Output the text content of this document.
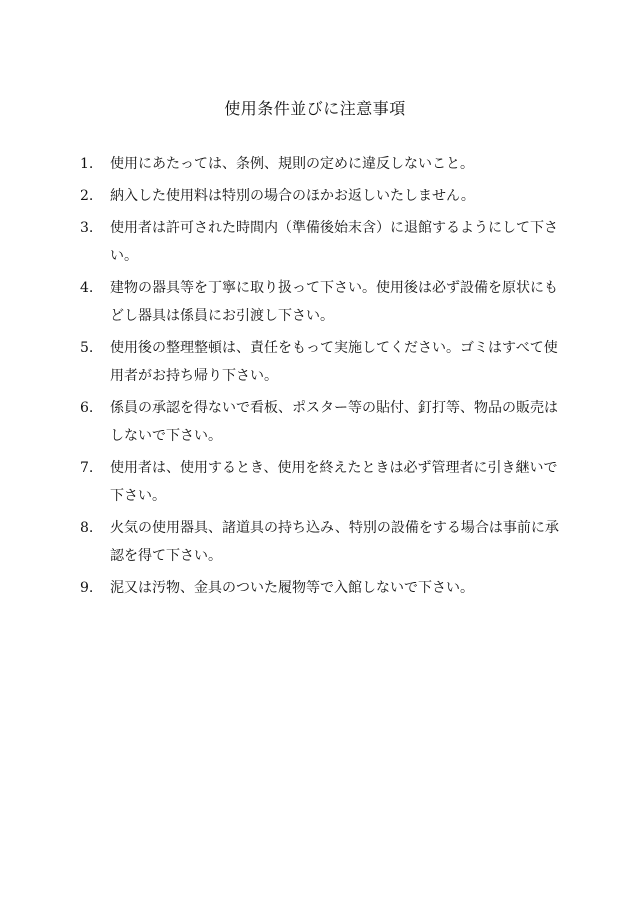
使用条件並びに注意事項
1.	使用にあたっては、条例、規則の定めに違反しないこと。
2.	納入した使用料は特別の場合のほかお返しいたしません。
3.	使用者は許可された時間内（準備後始末含）に退館するようにして下さい。
4.	建物の器具等を丁寧に取り扱って下さい。使用後は必ず設備を原状にもどし器具は係員にお引渡し下さい。
5.	使用後の整理整頓は、責任をもって実施してください。ゴミはすべて使用者がお持ち帰り下さい。
6.	係員の承認を得ないで看板、ポスター等の貼付、釘打等、物品の販売はしないで下さい。
7.	使用者は、使用するとき、使用を終えたときは必ず管理者に引き継いで下さい。
8.	火気の使用器具、諸道具の持ち込み、特別の設備をする場合は事前に承認を得て下さい。
9.	泥又は汚物、金具のついた履物等で入館しないで下さい。
